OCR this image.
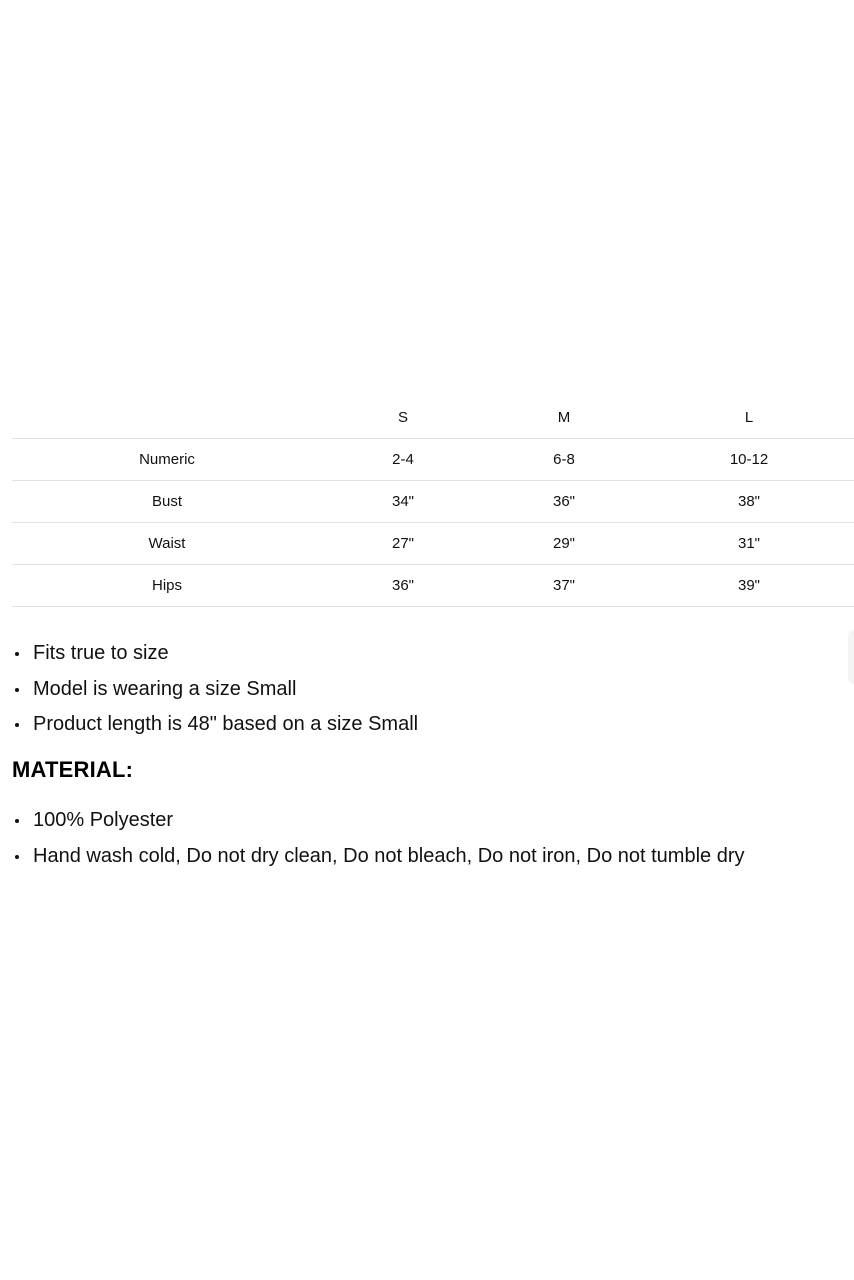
	S	M	L
Numeric	2-4	6-8	10-12
Bust	34"	36"	38"
Waist	27"	29"	31"
Hips	36"	37"	39"
Fits true to size
Model is wearing a size Small
Product length is 48" based on a size Small
MATERIAL:
100% Polyester
Hand wash cold, Do not dry clean, Do not bleach, Do not iron, Do not tumble dry
